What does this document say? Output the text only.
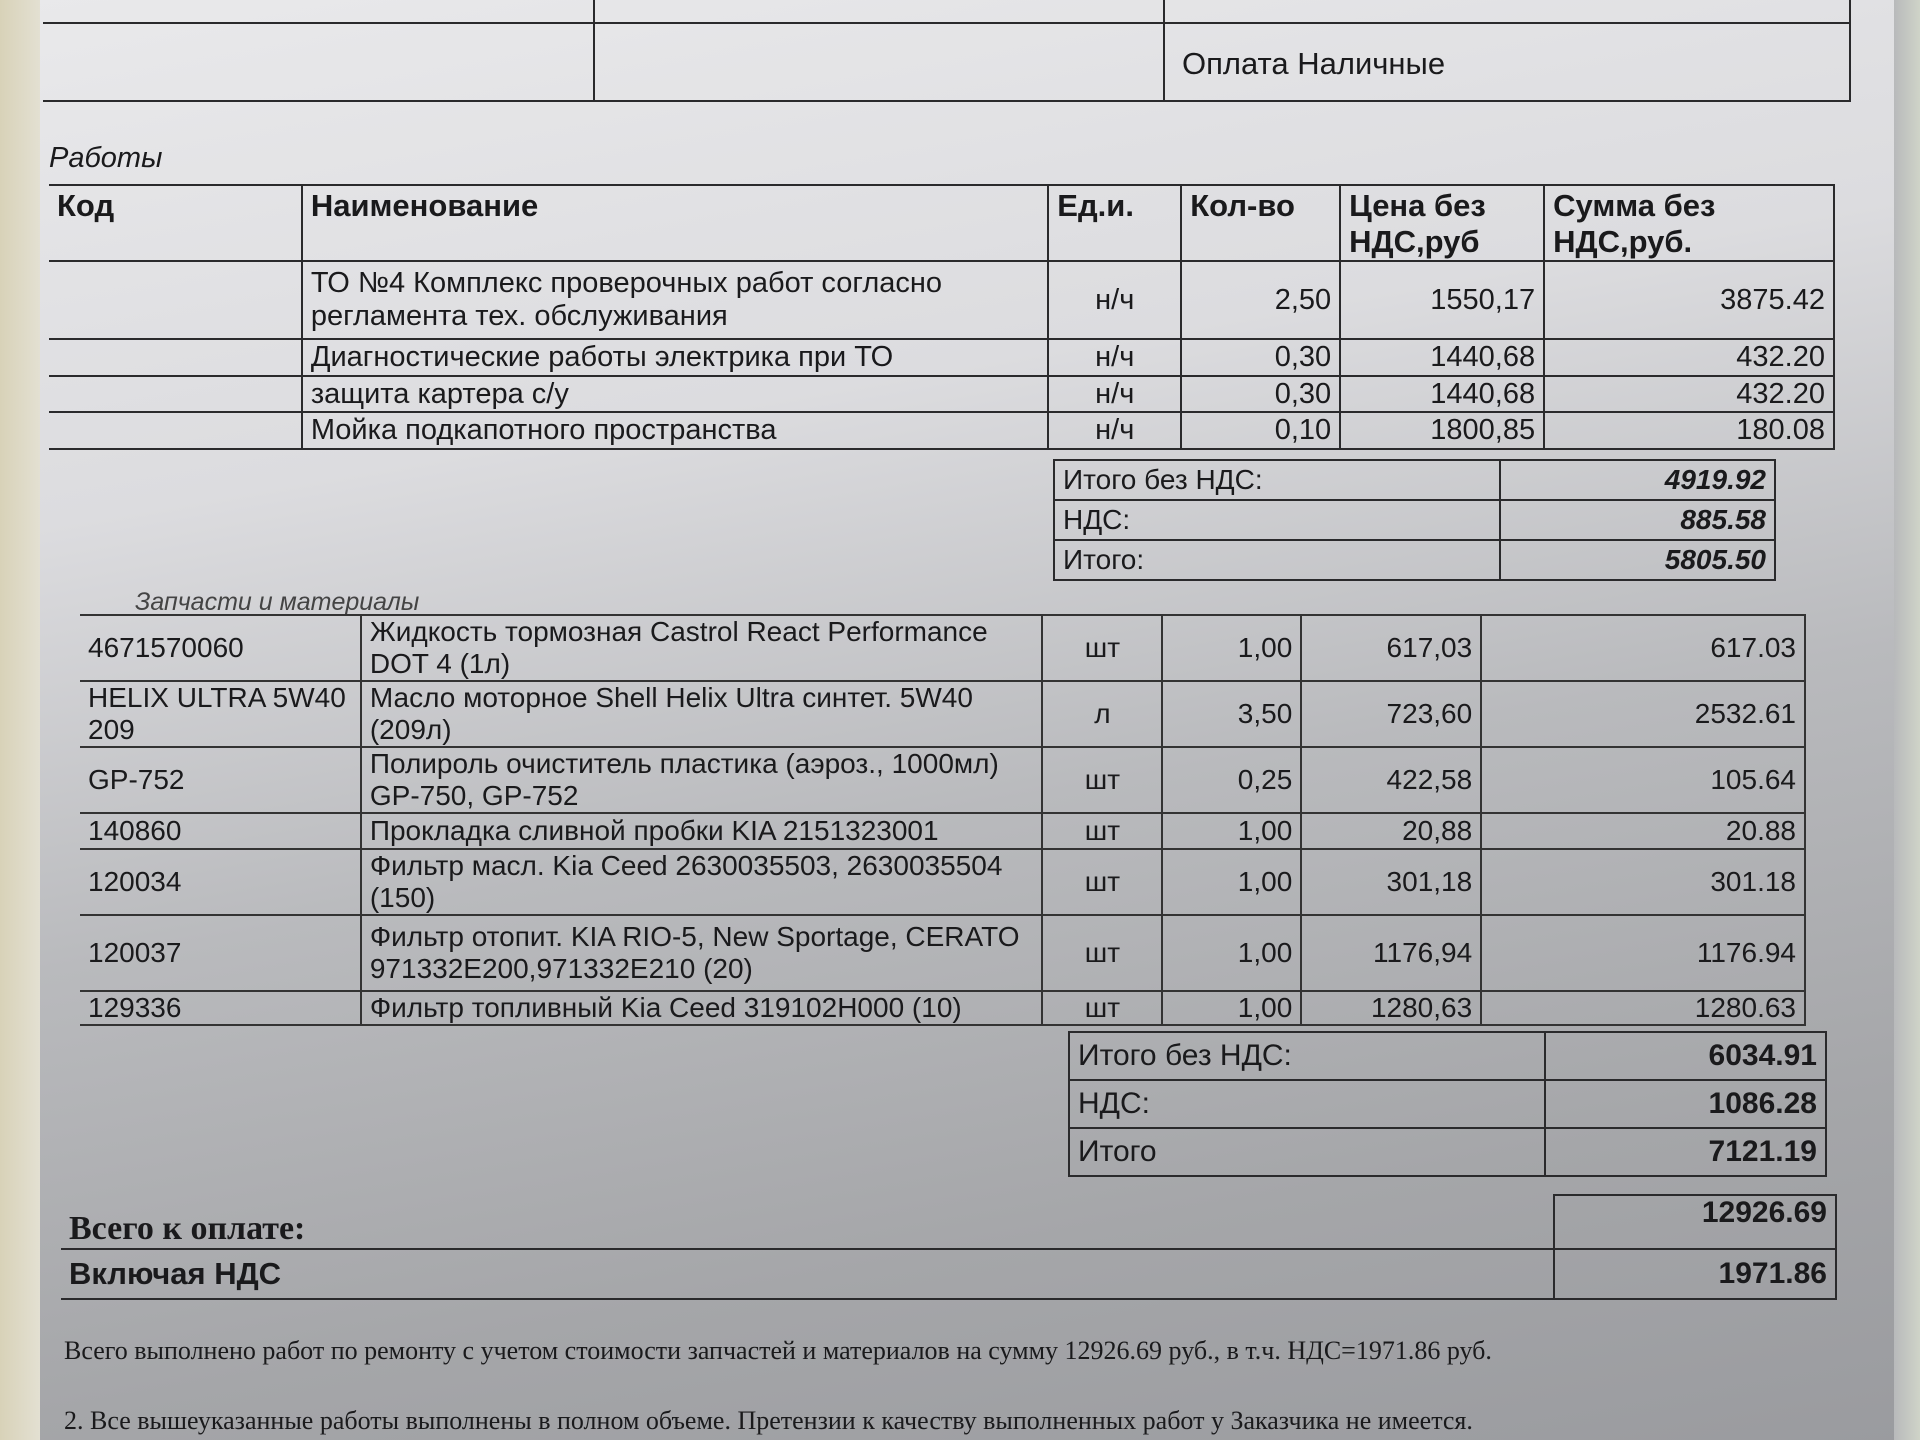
Оплата Наличные
Работы
Код	Наименование	Ед.и.	Кол-во	Цена без НДС,руб	Сумма без НДС,руб.
	ТО №4 Комплекс проверочных работ согласно регламента тех. обслуживания	н/ч	2,50	1550,17	3875.42
	Диагностические работы электрика при ТО	н/ч	0,30	1440,68	432.20
	защита картера с/у	н/ч	0,30	1440,68	432.20
	Мойка подкапотного пространства	н/ч	0,10	1800,85	180.08
Итого без НДС:	4919.92
НДС:	885.58
Итого:	5805.50
Запчасти и материалы
4671570060	Жидкость тормозная Castrol React Performance DOT 4 (1л)	шт	1,00	617,03	617.03
HELIX ULTRA 5W40 209	Масло моторное Shell Helix Ultra синтет. 5W40 (209л)	л	3,50	723,60	2532.61
GP-752	Полироль очиститель пластика (аэроз., 1000мл) GP-750, GP-752	шт	0,25	422,58	105.64
140860	Прокладка сливной пробки KIA 2151323001	шт	1,00	20,88	20.88
120034	Фильтр масл. Kia Ceed 2630035503, 2630035504 (150)	шт	1,00	301,18	301.18
120037	Фильтр отопит. KIA RIO-5, New Sportage, CERATO 971332E200,971332E210 (20)	шт	1,00	1176,94	1176.94
129336	Фильтр топливный Kia Ceed 319102H000 (10)	шт	1,00	1280,63	1280.63
Итого без НДС:	6034.91
НДС:	1086.28
Итого	7121.19
Всего к оплате:	12926.69
Включая НДС	1971.86
Всего выполнено работ по ремонту с учетом стоимости запчастей и материалов на сумму 12926.69 руб., в т.ч. НДС=1971.86 руб.
2. Все вышеуказанные работы выполнены в полном объеме. Претензии к качеству выполненных работ у Заказчика не имеется.
